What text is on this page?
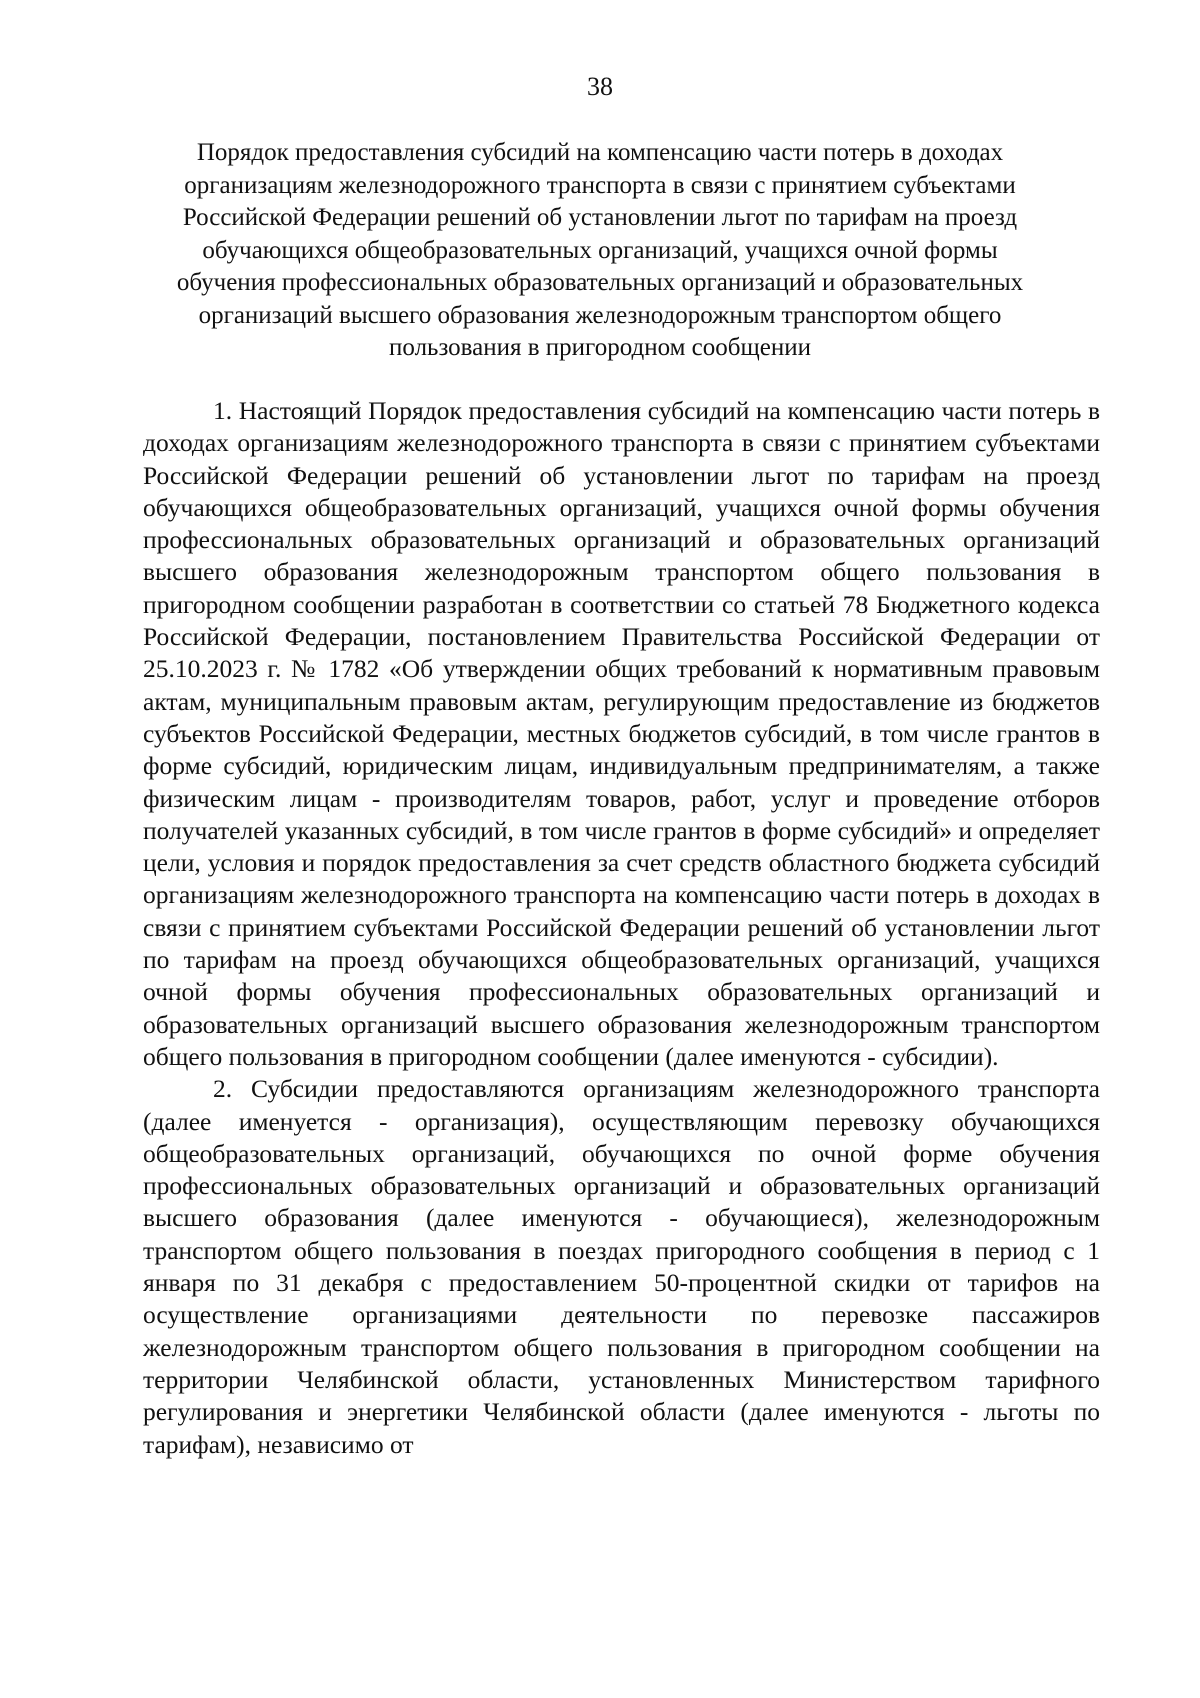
38
Порядок предоставления субсидий на компенсацию части потерь в доходах организациям железнодорожного транспорта в связи с принятием субъектами Российской Федерации решений об установлении льгот по тарифам на проезд обучающихся общеобразовательных организаций, учащихся очной формы обучения профессиональных образовательных организаций и образовательных организаций высшего образования железнодорожным транспортом общего пользования в пригородном сообщении

1. Настоящий Порядок предоставления субсидий на компенсацию части потерь в доходах организациям железнодорожного транспорта в связи с принятием субъектами Российской Федерации решений об установлении льгот по тарифам на проезд обучающихся общеобразовательных организаций, учащихся очной формы обучения профессиональных образовательных организаций и образовательных организаций высшего образования железнодорожным транспортом общего пользования в пригородном сообщении разработан в соответствии со статьей 78 Бюджетного кодекса Российской Федерации, постановлением Правительства Российской Федерации от 25.10.2023 г. № 1782 «Об утверждении общих требований к нормативным правовым актам, муниципальным правовым актам, регулирующим предоставление из бюджетов субъектов Российской Федерации, местных бюджетов субсидий, в том числе грантов в форме субсидий, юридическим лицам, индивидуальным предпринимателям, а также физическим лицам - производителям товаров, работ, услуг и проведение отборов получателей указанных субсидий, в том числе грантов в форме субсидий» и определяет цели, условия и порядок предоставления за счет средств областного бюджета субсидий организациям железнодорожного транспорта на компенсацию части потерь в доходах в связи с принятием субъектами Российской Федерации решений об установлении льгот по тарифам на проезд обучающихся общеобразовательных организаций, учащихся очной формы обучения профессиональных образовательных организаций и образовательных организаций высшего образования железнодорожным транспортом общего пользования в пригородном сообщении (далее именуются - субсидии).

2. Субсидии предоставляются организациям железнодорожного транспорта (далее именуется - организация), осуществляющим перевозку обучающихся общеобразовательных организаций, обучающихся по очной форме обучения профессиональных образовательных организаций и образовательных организаций высшего образования (далее именуются - обучающиеся), железнодорожным транспортом общего пользования в поездах пригородного сообщения в период с 1 января по 31 декабря с предоставлением 50-процентной скидки от тарифов на осуществление организациями деятельности по перевозке пассажиров железнодорожным транспортом общего пользования в пригородном сообщении на территории Челябинской области, установленных Министерством тарифного регулирования и энергетики Челябинской области (далее именуются - льготы по тарифам), независимо от
